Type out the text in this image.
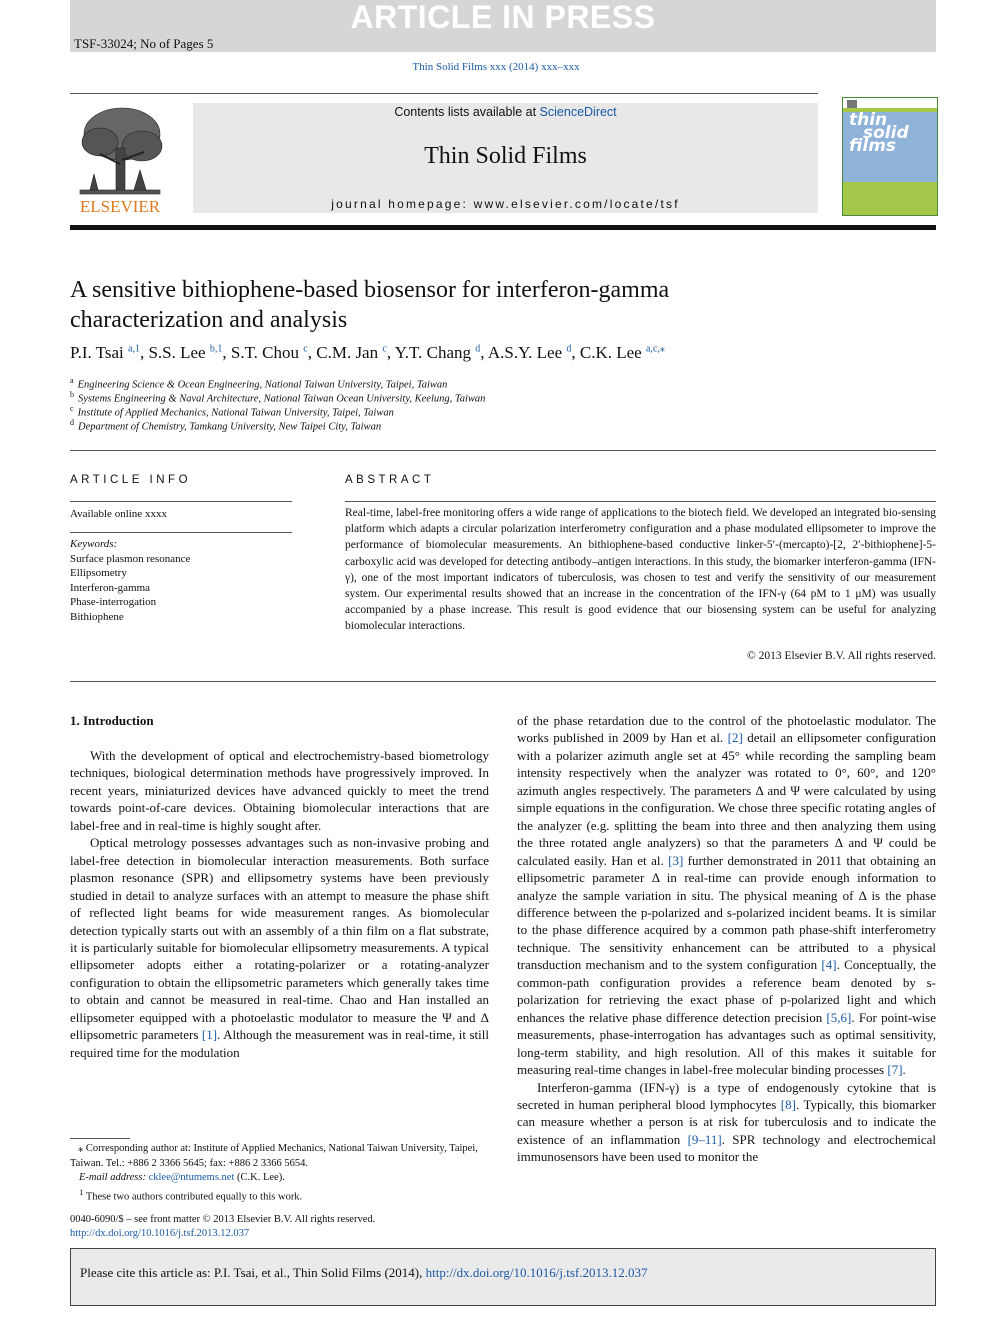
ARTICLE IN PRESS
TSF-33024; No of Pages 5
Thin Solid Films xxx (2014) xxx–xxx
ELSEVIER
Contents lists available at ScienceDirect
Thin Solid Films
journal homepage: www.elsevier.com/locate/tsf
thin
solid
films
A sensitive bithiophene-based biosensor for interferon-gamma
characterization and analysis
P.I. Tsai $^{a,1}$, S.S. Lee $^{b,1}$, S.T. Chou $^c$, C.M. Jan $^c$, Y.T. Chang $^d$, A.S.Y. Lee $^d$, C.K. Lee $^{a,c,⁎}$
$^a$ Engineering Science & Ocean Engineering, National Taiwan University, Taipei, Taiwan
$^b$ Systems Engineering & Naval Architecture, National Taiwan Ocean University, Keelung, Taiwan
$^c$ Institute of Applied Mechanics, National Taiwan University, Taipei, Taiwan
$^d$ Department of Chemistry, Tamkang University, New Taipei City, Taiwan
ARTICLE INFO
Available online xxxx
Keywords:
Surface plasmon resonance
Ellipsometry
Interferon-gamma
Phase-interrogation
Bithiophene
ABSTRACT
Real-time, label-free monitoring offers a wide range of applications to the biotech field. We developed an integrated bio-sensing platform which adapts a circular polarization interferometry configuration and a phase modulated ellipsometer to improve the performance of biomolecular measurements. An bithiophene-based conductive linker-5′-(mercapto)-[2, 2′-bithiophene]-5-carboxylic acid was developed for detecting antibody–antigen interactions. In this study, the biomarker interferon-gamma (IFN-γ), one of the most important indicators of tuberculosis, was chosen to test and verify the sensitivity of our measurement system. Our experimental results showed that an increase in the concentration of the IFN-γ (64 pM to 1 μM) was usually accompanied by a phase increase. This result is good evidence that our biosensing system can be useful for analyzing biomolecular interactions.
© 2013 Elsevier B.V. All rights reserved.
1. Introduction

With the development of optical and electrochemistry-based biometrology techniques, biological determination methods have progressively improved. In recent years, miniaturized devices have advanced quickly to meet the trend towards point-of-care devices. Obtaining biomolecular interactions that are label-free and in real-time is highly sought after.

Optical metrology possesses advantages such as non-invasive probing and label-free detection in biomolecular interaction measurements. Both surface plasmon resonance (SPR) and ellipsometry systems have been previously studied in detail to analyze surfaces with an attempt to measure the phase shift of reflected light beams for wide measurement ranges. As biomolecular detection typically starts out with an assembly of a thin film on a flat substrate, it is particularly suitable for biomolecular ellipsometry measurements. A typical ellipsometer adopts either a rotating-polarizer or a rotating-analyzer configuration to obtain the ellipsometric parameters which generally takes time to obtain and cannot be measured in real-time. Chao and Han installed an ellipsometer equipped with a photoelastic modulator to measure the Ψ and Δ ellipsometric parameters [1]. Although the measurement was in real-time, it still required time for the modulation

of the phase retardation due to the control of the photoelastic modulator. The works published in 2009 by Han et al. [2] detail an ellipsometer configuration with a polarizer azimuth angle set at 45° while recording the sampling beam intensity respectively when the analyzer was rotated to 0°, 60°, and 120° azimuth angles respectively. The parameters Δ and Ψ were calculated by using simple equations in the configuration. We chose three specific rotating angles of the analyzer (e.g. splitting the beam into three and then analyzing them using the three rotated angle analyzers) so that the parameters Δ and Ψ could be calculated easily. Han et al. [3] further demonstrated in 2011 that obtaining an ellipsometric parameter Δ in real-time can provide enough information to analyze the sample variation in situ. The physical meaning of Δ is the phase difference between the p-polarized and s-polarized incident beams. It is similar to the phase difference acquired by a common path phase-shift interferometry technique. The sensitivity enhancement can be attributed to a physical transduction mechanism and to the system configuration [4]. Conceptually, the common-path configuration provides a reference beam denoted by s-polarization for retrieving the exact phase of p-polarized light and which enhances the relative phase difference detection precision [5,6]. For point-wise measurements, phase-interrogation has advantages such as optimal sensitivity, long-term stability, and high resolution. All of this makes it suitable for measuring real-time changes in label-free molecular binding processes [7].

Interferon-gamma (IFN-γ) is a type of endogenously cytokine that is secreted in human peripheral blood lymphocytes [8]. Typically, this biomarker can measure whether a person is at risk for tuberculosis and to indicate the existence of an inflammation [9–11]. SPR technology and electrochemical immunosensors have been used to monitor the

⁎ Corresponding author at: Institute of Applied Mechanics, National Taiwan University, Taipei, Taiwan. Tel.: +886 2 3366 5645; fax: +886 2 3366 5654.
E-mail address: cklee@ntumems.net (C.K. Lee).
$^1$ These two authors contributed equally to this work.
0040-6090/$ – see front matter © 2013 Elsevier B.V. All rights reserved.
http://dx.doi.org/10.1016/j.tsf.2013.12.037
Please cite this article as: P.I. Tsai, et al., Thin Solid Films (2014), http://dx.doi.org/10.1016/j.tsf.2013.12.037
